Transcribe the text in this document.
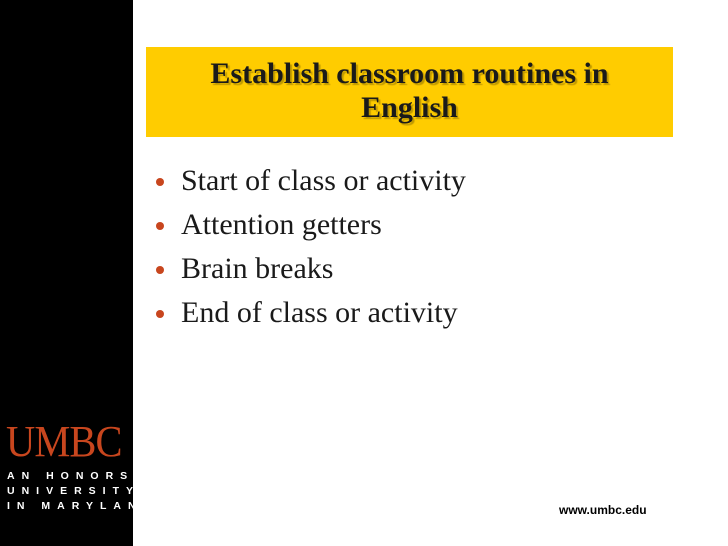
UMBC
AN HONORS
UNIVERSITY
IN MARYLAND
Establish classroom routines in
English
Start of class or activity
Attention getters
Brain breaks
End of class or activity
www.umbc.edu
